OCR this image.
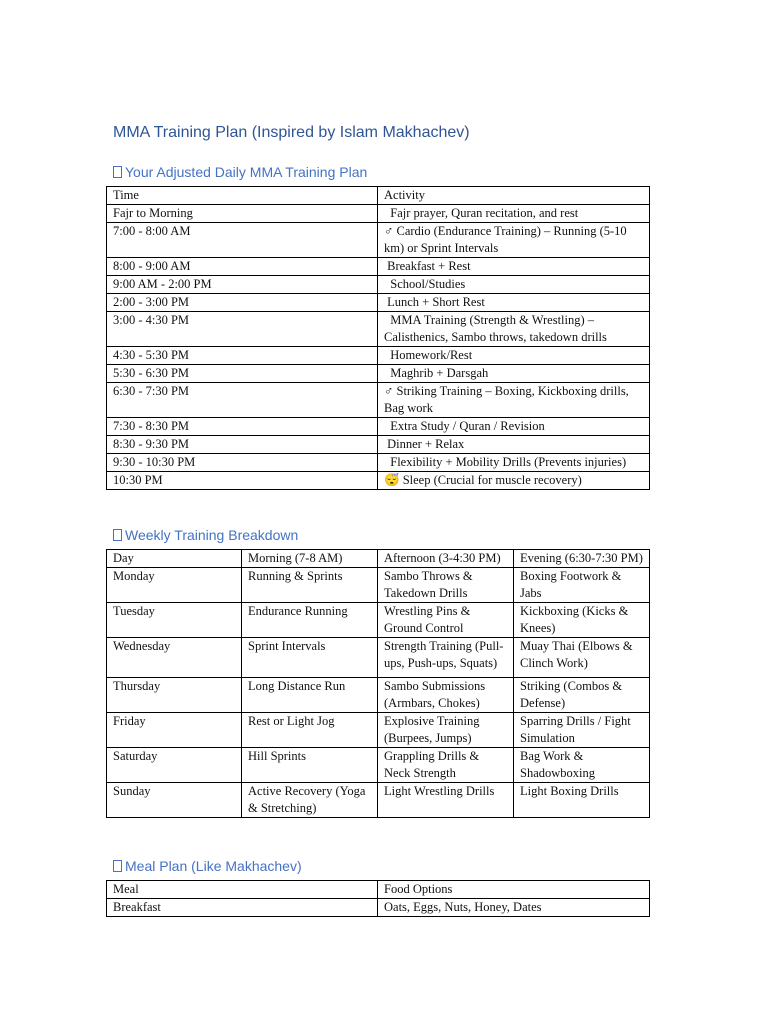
MMA Training Plan (Inspired by Islam Makhachev)
Your Adjusted Daily MMA Training Plan
Time	Activity
Fajr to Morning	Fajr prayer, Quran recitation, and rest
7:00 - 8:00 AM	♂ Cardio (Endurance Training) – Running (5-10 km) or Sprint Intervals
8:00 - 9:00 AM	Breakfast + Rest
9:00 AM - 2:00 PM	School/Studies
2:00 - 3:00 PM	Lunch + Short Rest
3:00 - 4:30 PM	MMA Training (Strength & Wrestling) – Calisthenics, Sambo throws, takedown drills
4:30 - 5:30 PM	Homework/Rest
5:30 - 6:30 PM	Maghrib + Darsgah
6:30 - 7:30 PM	♂ Striking Training – Boxing, Kickboxing drills, Bag work
7:30 - 8:30 PM	Extra Study / Quran / Revision
8:30 - 9:30 PM	Dinner + Relax
9:30 - 10:30 PM	Flexibility + Mobility Drills (Prevents injuries)
10:30 PM	😴 Sleep (Crucial for muscle recovery)
Weekly Training Breakdown
Day	Morning (7-8 AM)	Afternoon (3-4:30 PM)	Evening (6:30-7:30 PM)
Monday	Running & Sprints	Sambo Throws & Takedown Drills	Boxing Footwork & Jabs
Tuesday	Endurance Running	Wrestling Pins & Ground Control	Kickboxing (Kicks & Knees)
Wednesday	Sprint Intervals	Strength Training (Pull-ups, Push-ups, Squats)	Muay Thai (Elbows & Clinch Work)
Thursday	Long Distance Run	Sambo Submissions (Armbars, Chokes)	Striking (Combos & Defense)
Friday	Rest or Light Jog	Explosive Training (Burpees, Jumps)	Sparring Drills / Fight Simulation
Saturday	Hill Sprints	Grappling Drills & Neck Strength	Bag Work & Shadowboxing
Sunday	Active Recovery (Yoga & Stretching)	Light Wrestling Drills	Light Boxing Drills
Meal Plan (Like Makhachev)
Meal	Food Options
Breakfast	Oats, Eggs, Nuts, Honey, Dates
